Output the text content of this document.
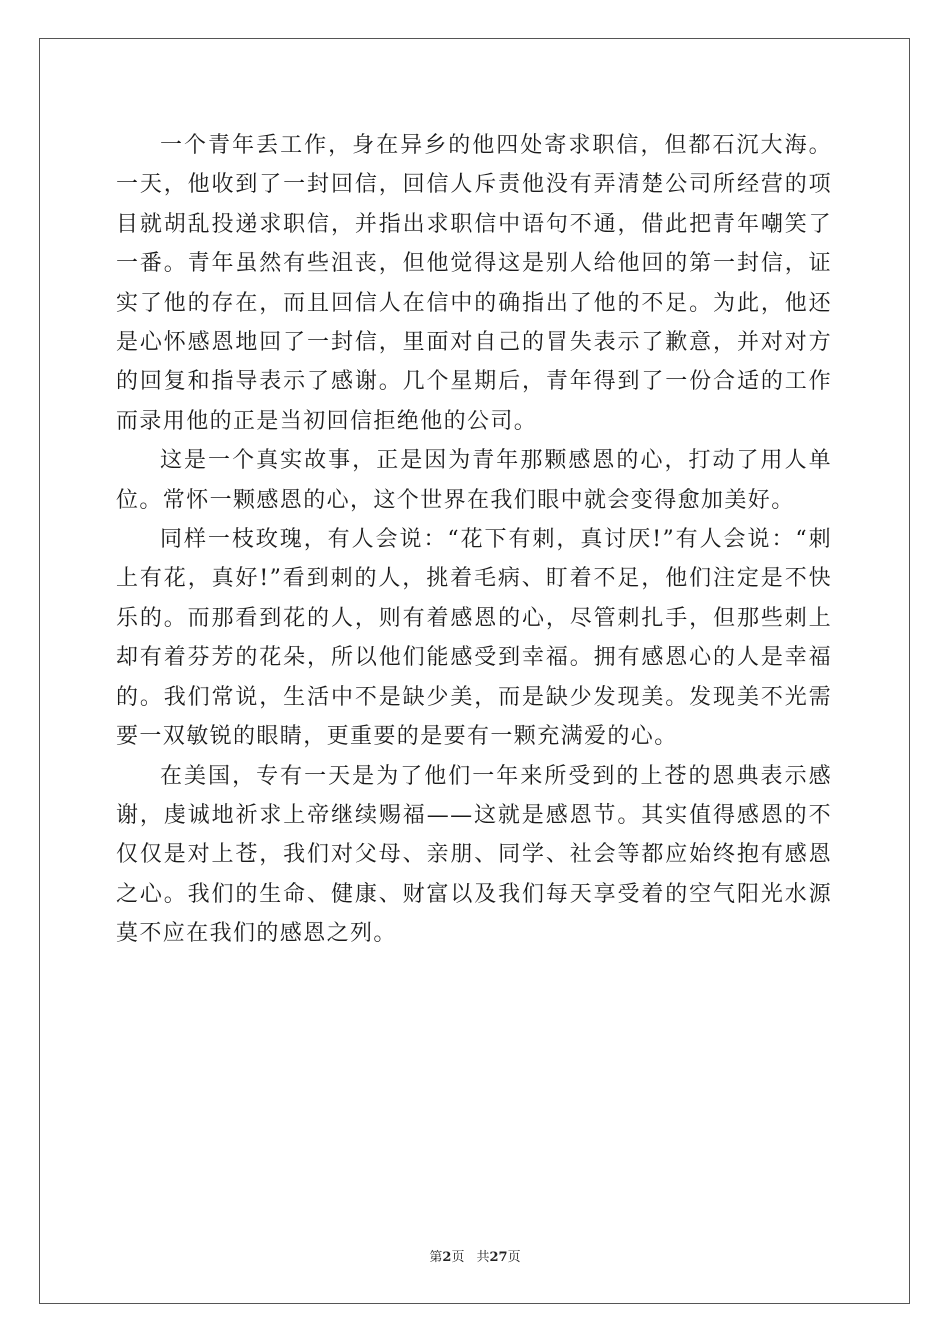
一个青年丢工作，身在异乡的他四处寄求职信，但都石沉大海。一天，他收到了一封回信，回信人斥责他没有弄清楚公司所经营的项目就胡乱投递求职信，并指出求职信中语句不通，借此把青年嘲笑了一番。青年虽然有些沮丧，但他觉得这是别人给他回的第一封信，证实了他的存在，而且回信人在信中的确指出了他的不足。为此，他还是心怀感恩地回了一封信，里面对自己的冒失表示了歉意，并对对方的回复和指导表示了感谢。几个星期后，青年得到了一份合适的工作而录用他的正是当初回信拒绝他的公司。

这是一个真实故事，正是因为青年那颗感恩的心，打动了用人单位。常怀一颗感恩的心，这个世界在我们眼中就会变得愈加美好。

同样一枝玫瑰，有人会说：“花下有刺，真讨厌!”有人会说：“刺上有花，真好!”看到刺的人，挑着毛病、盯着不足，他们注定是不快乐的。而那看到花的人，则有着感恩的心，尽管刺扎手，但那些刺上却有着芬芳的花朵，所以他们能感受到幸福。拥有感恩心的人是幸福的。我们常说，生活中不是缺少美，而是缺少发现美。发现美不光需要一双敏锐的眼睛，更重要的是要有一颗充满爱的心。

在美国，专有一天是为了他们一年来所受到的上苍的恩典表示感谢，虔诚地祈求上帝继续赐福——这就是感恩节。其实值得感恩的不仅仅是对上苍，我们对父母、亲朋、同学、社会等都应始终抱有感恩之心。我们的生命、健康、财富以及我们每天享受着的空气阳光水源莫不应在我们的感恩之列。

第2页 共27页
